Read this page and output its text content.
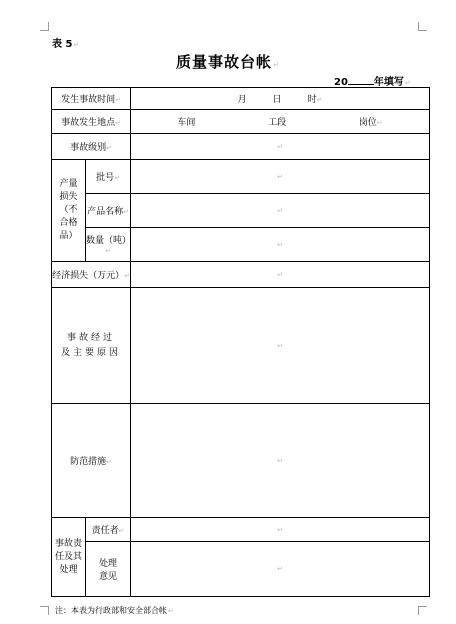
表 5↵
质量事故台帐↵
20	年填写↵
发生事故时间↵		月 日 时↵

事故发生地点↵		车间 工段 岗位↵

事故级别↵		↵

产量损失（不合格品）	批号↵	↵
	产品名称↵	↵
	数量（吨）↵	↵
经济损失（万元）↵		↵

事故经过
及主要原因		↵
防范措施↵		↵

事故责任及其处理	责任者↵	↵

	处理
意见	↵
注：本表为行政部和安全部合帐↵
